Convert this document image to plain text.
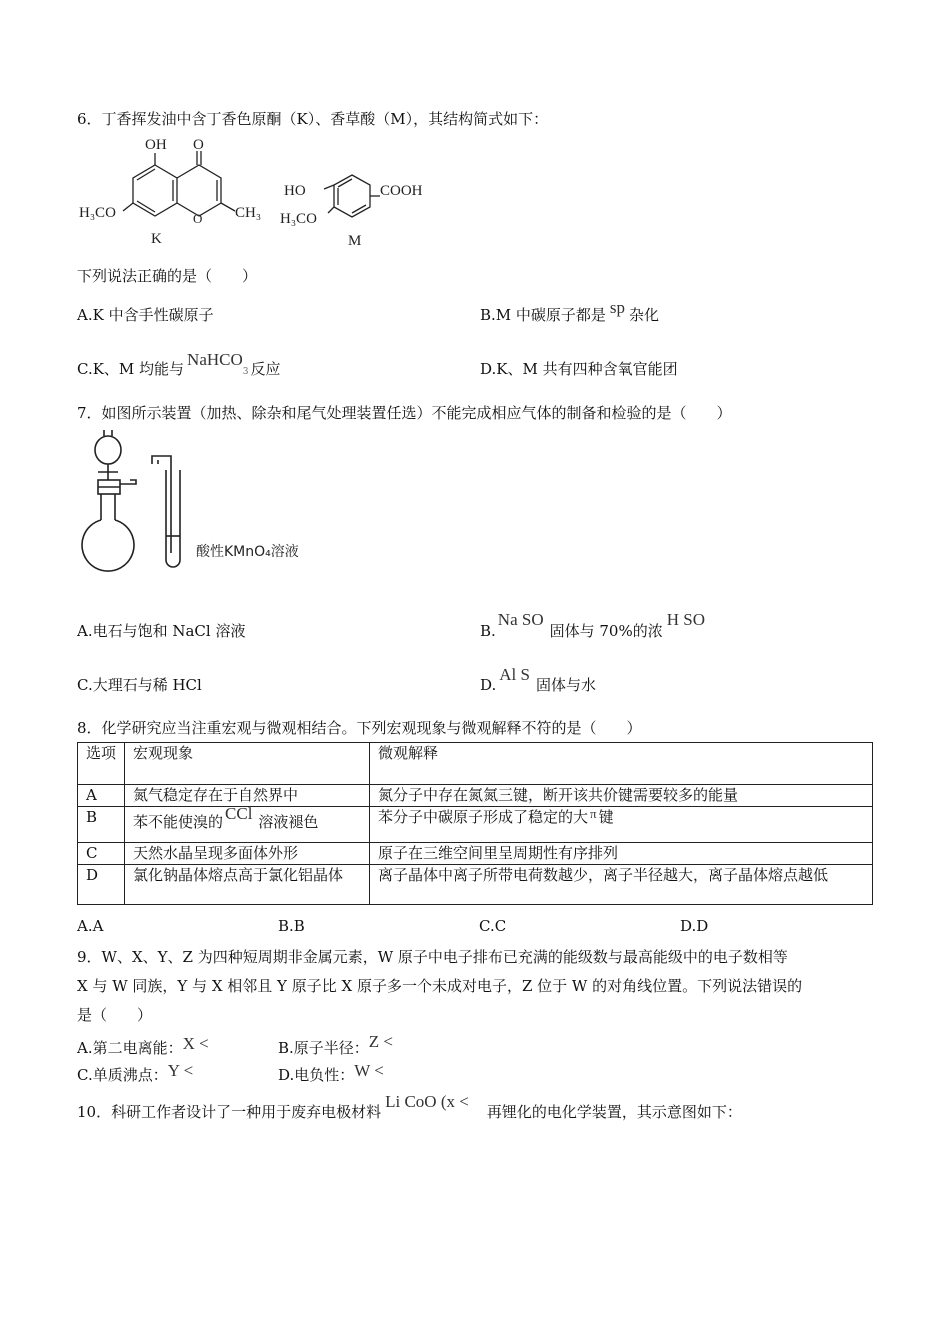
6．丁香挥发油中含丁香色原酮（K）、香草酸（M），其结构简式如下：
OH O
O
H₃CO	CH₃
K
HO	COOH
H₃CO
M
下列说法正确的是（　　）
A.K 中含手性碳原子	B.M 中碳原子都是 sp 杂化
C.K、M 均能与 NaHCO3 反应	D.K、M 共有四种含氧官能团
7．如图所示装置（加热、除杂和尾气处理装置任选）不能完成相应气体的制备和检验的是（　　）
酸性KMnO₄溶液
A.电石与饱和 NaCl 溶液	B.Na SO固体与 70%的浓H SO
C.大理石与稀 HCl	D.Al S固体与水
8．化学研究应当注重宏观与微观相结合。下列宏观现象与微观解释不符的是（　　）
选项	宏观现象	微观解释
A	氮气稳定存在于自然界中	氮分子中存在氮氮三键，断开该共价键需要较多的能量
B	苯不能使溴的 CCl 溶液褪色	苯分子中碳原子形成了稳定的大 π 键
C	天然水晶呈现多面体外形	原子在三维空间里呈周期性有序排列
D	氯化钠晶体熔点高于氯化铝晶体	离子晶体中离子所带电荷数越少，离子半径越大，离子晶体熔点越低
A.A	B.B	C.C	D.D
9．W、X、Y、Z 为四种短周期非金属元素，W 原子中电子排布已充满的能级数与最高能级中的电子数相等
X 与 W 同族，Y 与 X 相邻且 Y 原子比 X 原子多一个未成对电子，Z 位于 W 的对角线位置。下列说法错误的
是（　　）
A.第二电离能：X <	B.原子半径：Z <
C.单质沸点：Y <	D.电负性：W <
10．科研工作者设计了一种用于废弃电极材料Li CoO (x <再锂化的电化学装置，其示意图如下：
